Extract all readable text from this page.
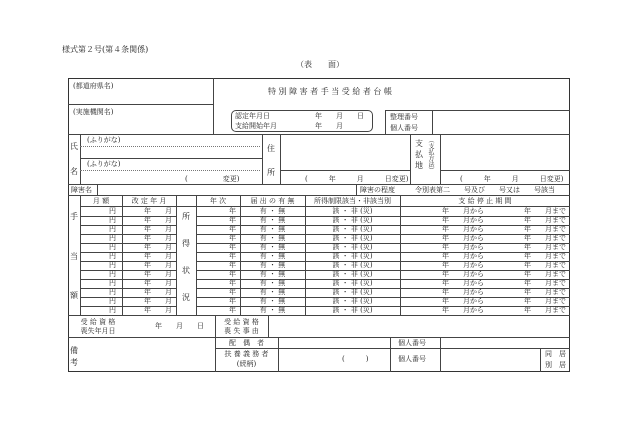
様式第２号(第４条関係)
（表　　面）
(都道府県名)
(実施機関名)
特 別 障 害 者 手 当 受 給 者 台 帳
認定年月日	年　　月　　日
支給開始年月	年　　月
整理番号
個人番号
氏
名
(ふりがな)
(ふりがな)
(　　　　　変更)
住
所
(　　　年　　　月　　　日変更)
支
払
地 （支払方法）
(　　　年　　　月　　　日変更)
障害名	障害の程度	令別表第二　　号及び　　号又は　　号該当
月 額	改 定 年 月	年 次	届 出 の 有 無	所得制限該当・非該当別	支 給 停 止 期 間
手
当
額
所
得
状
況
円	年　　月	年	有 ・ 無	該 ・ 非 (災)	年　　月から	年　　月まで
円	年　　月	年	有 ・ 無	該 ・ 非 (災)	年　　月から	年　　月まで
円	年　　月	年	有 ・ 無	該 ・ 非 (災)	年　　月から	年　　月まで
円	年　　月	年	有 ・ 無	該 ・ 非 (災)	年　　月から	年　　月まで
円	年　　月	年	有 ・ 無	該 ・ 非 (災)	年　　月から	年　　月まで
円	年　　月	年	有 ・ 無	該 ・ 非 (災)	年　　月から	年　　月まで
円	年　　月	年	有 ・ 無	該 ・ 非 (災)	年　　月から	年　　月まで
円	年　　月	年	有 ・ 無	該 ・ 非 (災)	年　　月から	年　　月まで
円	年　　月	年	有 ・ 無	該 ・ 非 (災)	年　　月から	年　　月まで
円	年　　月	年	有 ・ 無	該 ・ 非 (災)	年　　月から	年　　月まで
円	年　　月	年	有 ・ 無	該 ・ 非 (災)	年　　月から	年　　月まで
円	年　　月	年	有 ・ 無	該 ・ 非 (災)	年　　月から	年　　月まで
受 給 資 格
喪失年月日
年　　月　　日	受 給 資 格
喪 失 事 由
備
考
配　偶　者
扶 養 義 務 者
(続柄)
(　　　)
個人番号
個人番号
同　居
別　居
